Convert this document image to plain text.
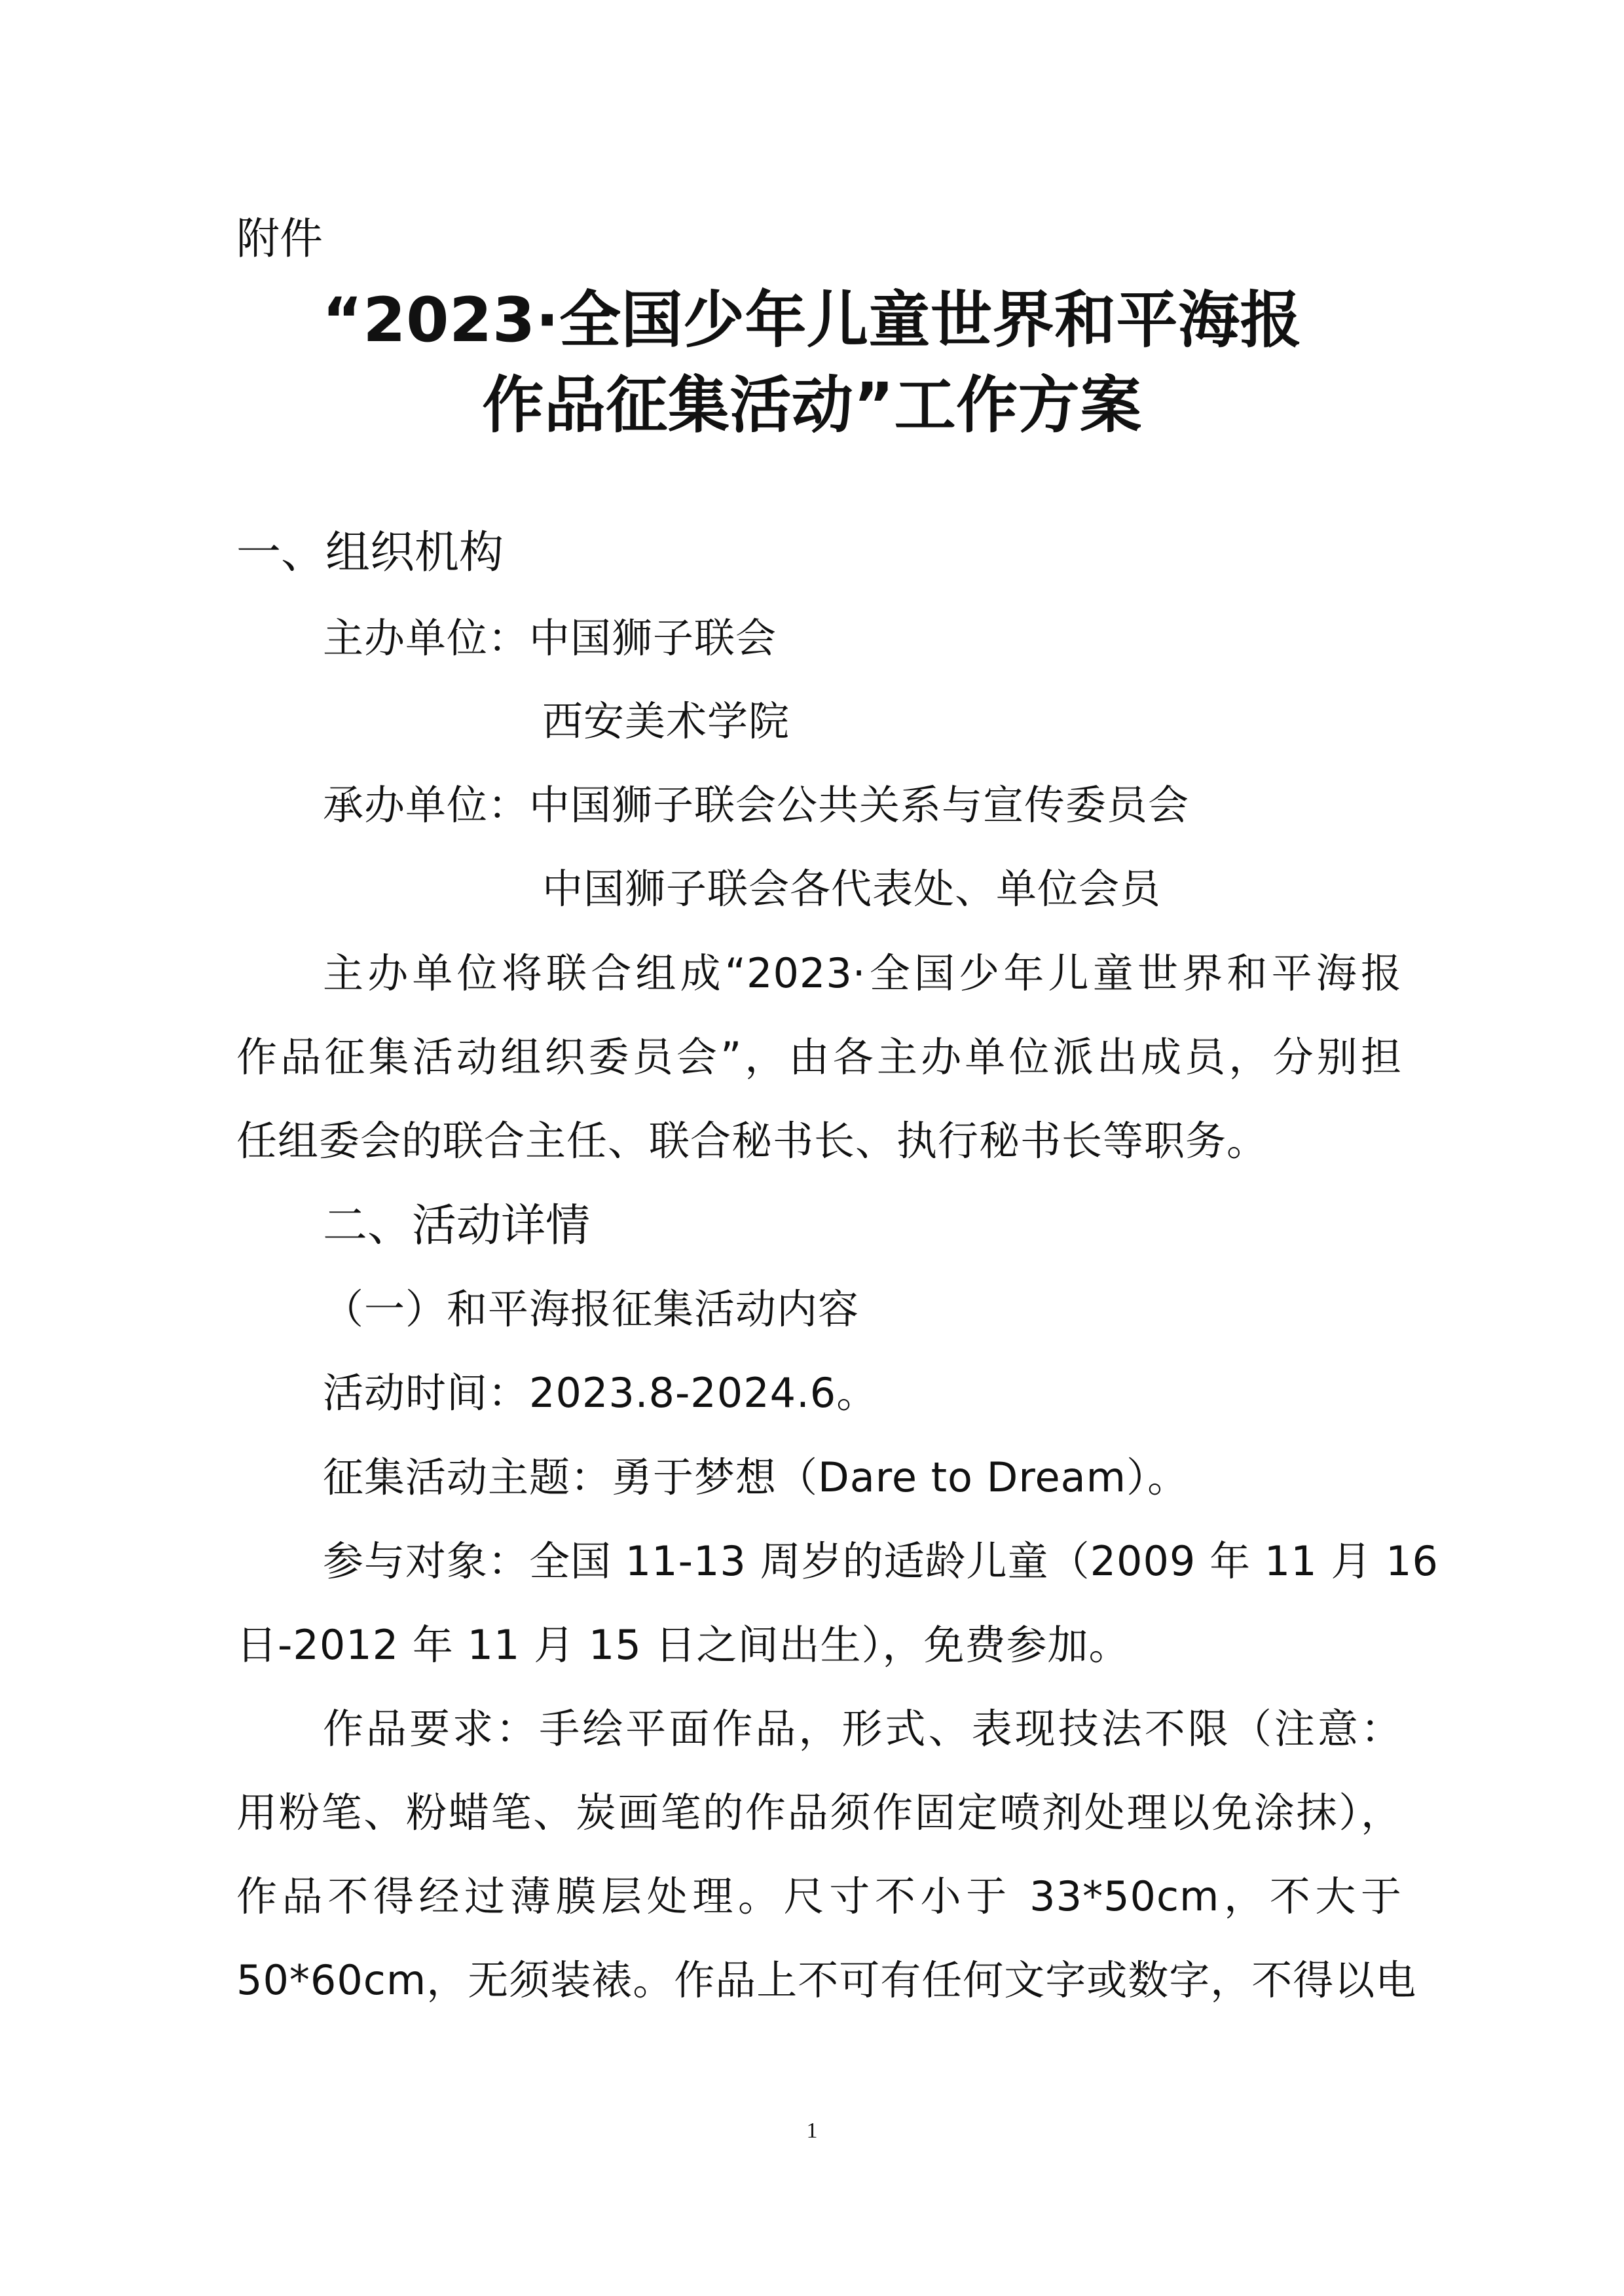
附件
“2023·全国少年儿童世界和平海报
作品征集活动”工作方案
一、组织机构
主办单位：中国狮子联会
西安美术学院
承办单位：中国狮子联会公共关系与宣传委员会
中国狮子联会各代表处、单位会员
主办单位将联合组成“2023·全国少年儿童世界和平海报
作品征集活动组织委员会”，由各主办单位派出成员，分别担
任组委会的联合主任、联合秘书长、执行秘书长等职务。
二、活动详情
（一）和平海报征集活动内容
活动时间：2023.8-2024.6。
征集活动主题：勇于梦想（Dare to Dream）。
参与对象：全国 11-13 周岁的适龄儿童（2009 年 11 月 16
日-2012 年 11 月 15 日之间出生），免费参加。
作品要求：手绘平面作品，形式、表现技法不限（注意：
用粉笔、粉蜡笔、炭画笔的作品须作固定喷剂处理以免涂抹），
作品不得经过薄膜层处理。尺寸不小于 33*50cm，不大于
50*60cm，无须装裱。作品上不可有任何文字或数字，不得以电
1
